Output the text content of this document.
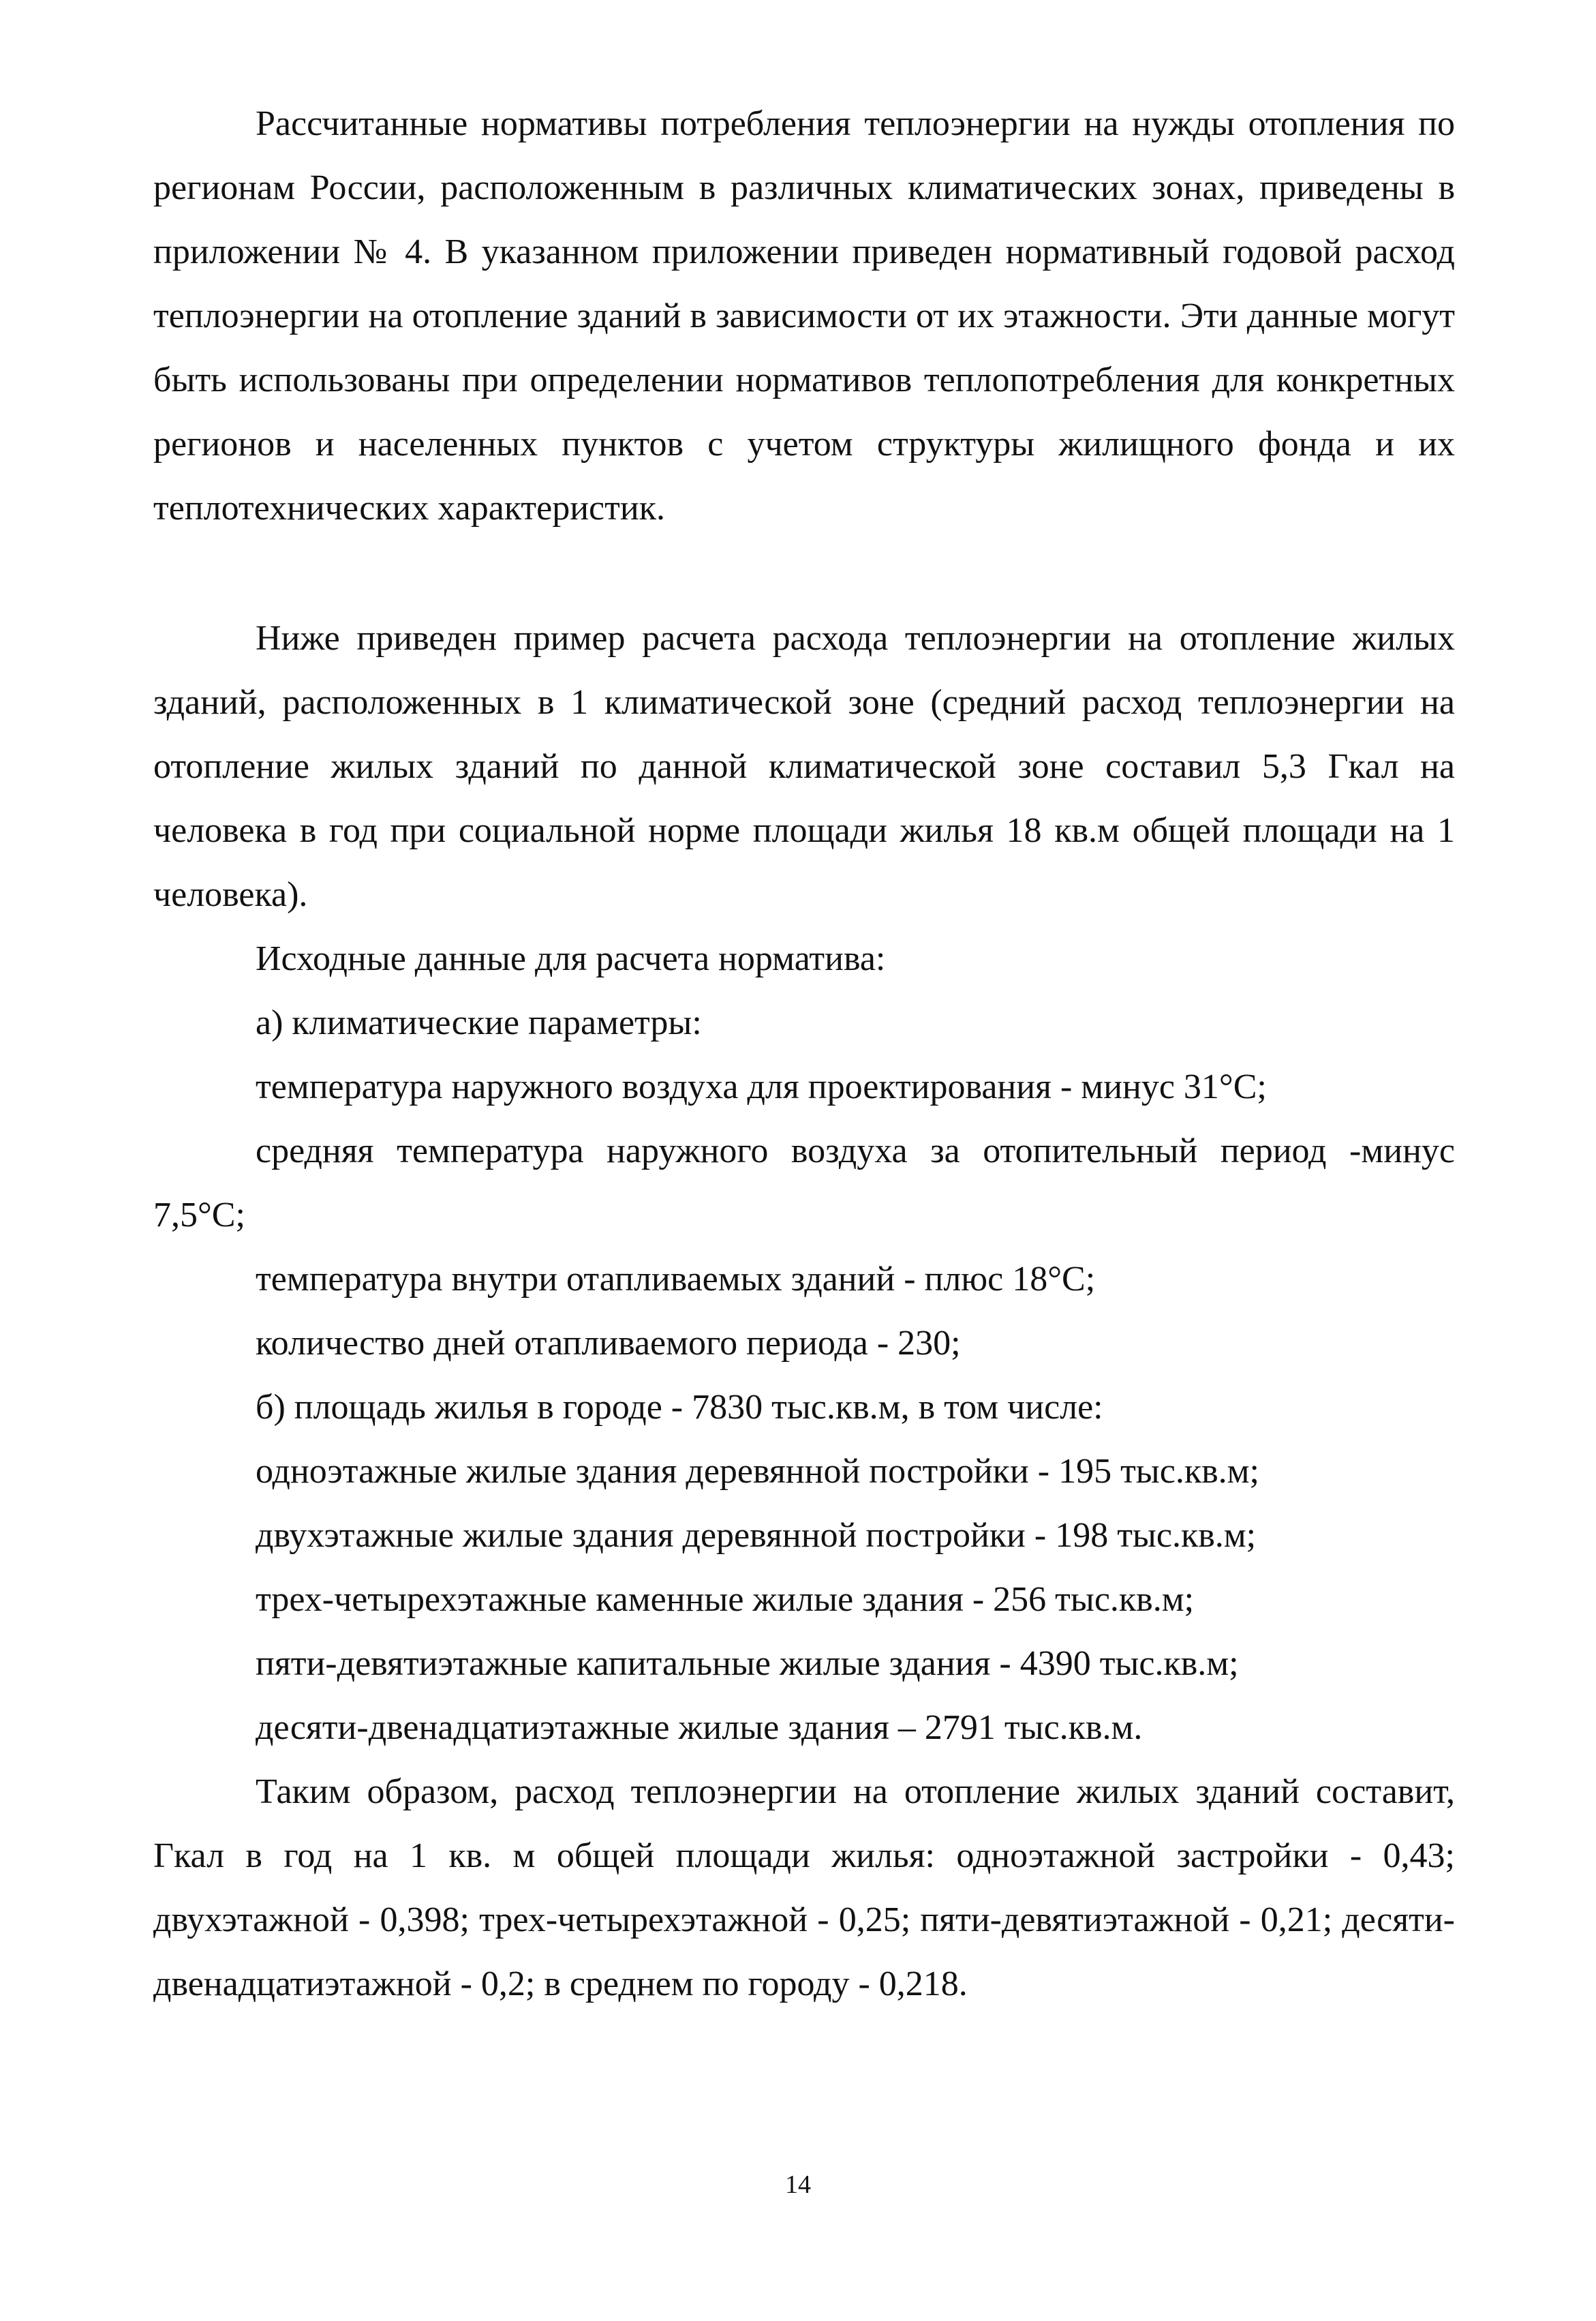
Рассчитанные нормативы потребления теплоэнергии на нужды отопления по регионам России, расположенным в различных климатических зонах, приведены в приложении № 4. В указанном приложении приведен нормативный годовой расход теплоэнергии на отопление зданий в зависимости от их этажности. Эти данные могут быть использованы при определении нормативов теплопотребления для конкретных регионов и населенных пунктов с учетом структуры жилищного фонда и их теплотехнических характеристик.

Ниже приведен пример расчета расхода теплоэнергии на отопление жилых зданий, расположенных в 1 климатической зоне (средний расход теплоэнергии на отопление жилых зданий по данной климатической зоне составил 5,3 Гкал на человека в год при социальной норме площади жилья 18 кв.м общей площади на 1 человека).

Исходные данные для расчета норматива:

а) климатические параметры:

температура наружного воздуха для проектирования - минус 31°С;

средняя температура наружного воздуха за отопительный период -минус 7,5°С;

температура внутри отапливаемых зданий - плюс 18°С;

количество дней отапливаемого периода - 230;

б) площадь жилья в городе - 7830 тыс.кв.м, в том числе:

одноэтажные жилые здания деревянной постройки - 195 тыс.кв.м;

двухэтажные жилые здания деревянной постройки - 198 тыс.кв.м;

трех-четырехэтажные каменные жилые здания - 256 тыс.кв.м;

пяти-девятиэтажные капитальные жилые здания - 4390 тыс.кв.м;

десяти-двенадцатиэтажные жилые здания – 2791 тыс.кв.м.

Таким образом, расход теплоэнергии на отопление жилых зданий составит, Гкал в год на 1 кв. м общей площади жилья: одноэтажной застройки - 0,43; двухэтажной - 0,398; трех-четырехэтажной - 0,25; пяти-девятиэтажной - 0,21; десяти-двенадцатиэтажной - 0,2; в среднем по городу - 0,218.

14
